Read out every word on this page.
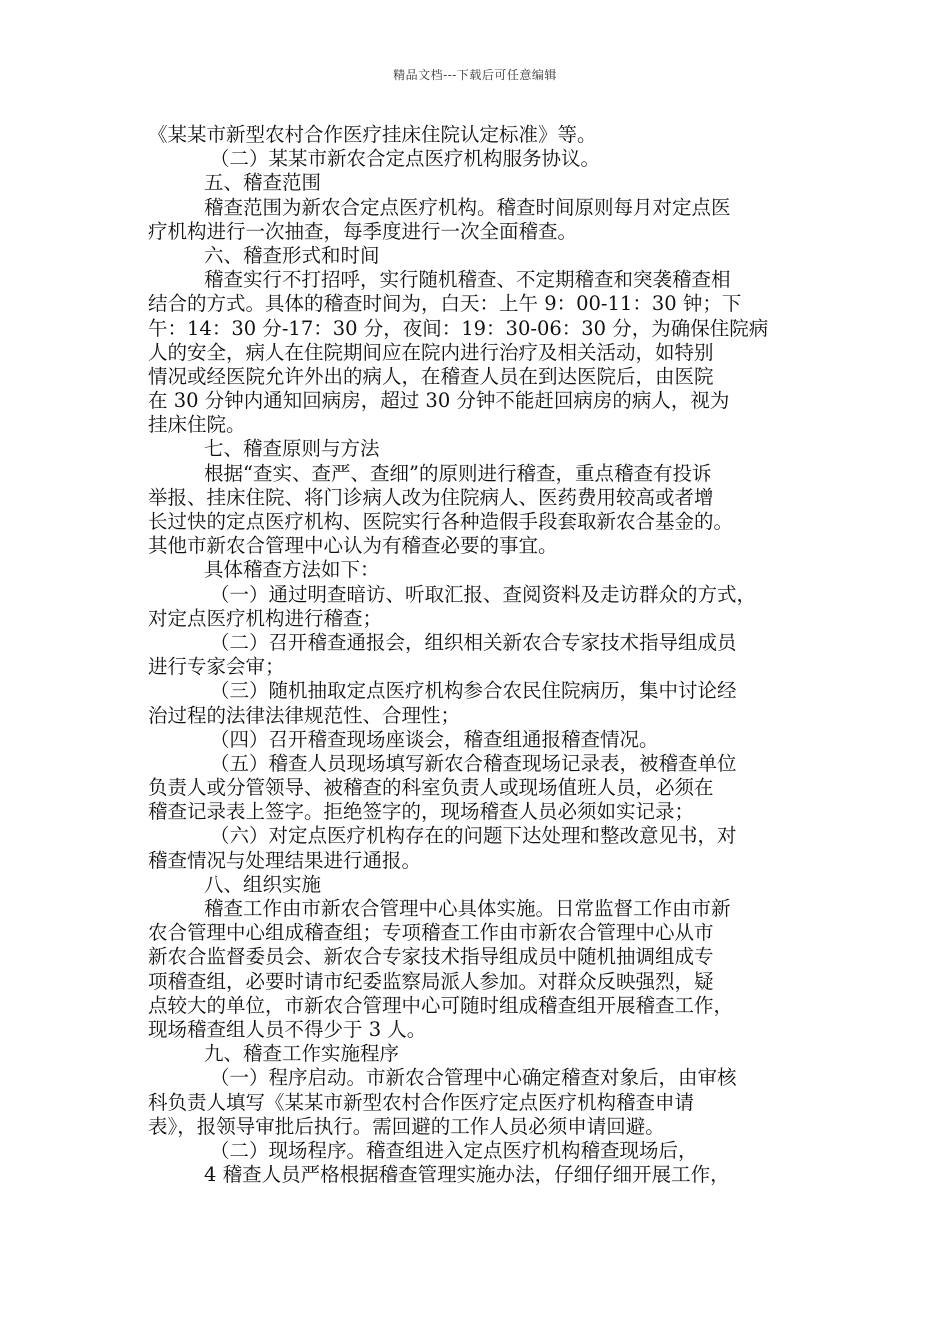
精品文档---下载后可任意编辑
《某某市新型农村合作医疗挂床住院认定标准》等。
（二）某某市新农合定点医疗机构服务协议。
五、稽查范围
稽查范围为新农合定点医疗机构。稽查时间原则每月对定点医
疗机构进行一次抽查，每季度进行一次全面稽查。
六、稽查形式和时间
稽查实行不打招呼，实行随机稽查、不定期稽查和突袭稽查相
结合的方式。具体的稽查时间为，白天：上午 9：00-11：30 钟；下
午：14：30 分-17：30 分，夜间：19：30-06：30 分，为确保住院病
人的安全，病人在住院期间应在院内进行治疗及相关活动，如特别
情况或经医院允许外出的病人，在稽查人员在到达医院后，由医院
在 30 分钟内通知回病房，超过 30 分钟不能赶回病房的病人，视为
挂床住院。
七、稽查原则与方法
根据“查实、查严、查细”的原则进行稽查，重点稽查有投诉
举报、挂床住院、将门诊病人改为住院病人、医药费用较高或者增
长过快的定点医疗机构、医院实行各种造假手段套取新农合基金的。
其他市新农合管理中心认为有稽查必要的事宜。
具体稽查方法如下：
（一）通过明查暗访、听取汇报、查阅资料及走访群众的方式，
对定点医疗机构进行稽查；
（二）召开稽查通报会，组织相关新农合专家技术指导组成员
进行专家会审；
（三）随机抽取定点医疗机构参合农民住院病历，集中讨论经
治过程的法律法律规范性、合理性；
（四）召开稽查现场座谈会，稽查组通报稽查情况。
（五）稽查人员现场填写新农合稽查现场记录表，被稽查单位
负责人或分管领导、被稽查的科室负责人或现场值班人员，必须在
稽查记录表上签字。拒绝签字的，现场稽查人员必须如实记录；
（六）对定点医疗机构存在的问题下达处理和整改意见书，对
稽查情况与处理结果进行通报。
八、组织实施
稽查工作由市新农合管理中心具体实施。日常监督工作由市新
农合管理中心组成稽查组；专项稽查工作由市新农合管理中心从市
新农合监督委员会、新农合专家技术指导组成员中随机抽调组成专
项稽查组，必要时请市纪委监察局派人参加。对群众反映强烈，疑
点较大的单位，市新农合管理中心可随时组成稽查组开展稽查工作，
现场稽查组人员不得少于 3 人。
九、稽查工作实施程序
（一）程序启动。市新农合管理中心确定稽查对象后，由审核
科负责人填写《某某市新型农村合作医疗定点医疗机构稽查申请
表》，报领导审批后执行。需回避的工作人员必须申请回避。
（二）现场程序。稽查组进入定点医疗机构稽查现场后，
4 稽查人员严格根据稽查管理实施办法，仔细仔细开展工作，
